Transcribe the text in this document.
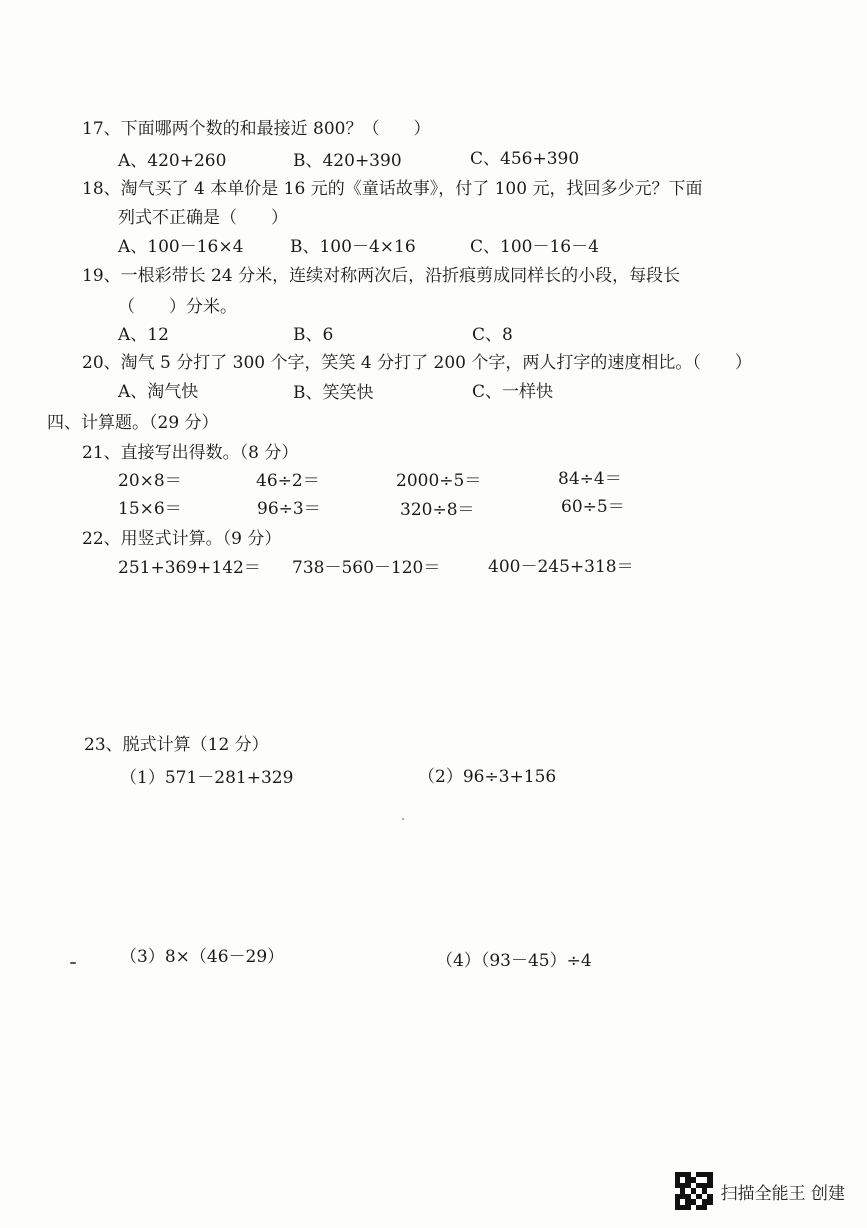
17、下面哪两个数的和最接近 800？（　　）
A、420+260	B、420+390	C、456+390
18、淘气买了 4 本单价是 16 元的《童话故事》，付了 100 元，找回多少元？下面
列式不正确是（　　）
A、100－16×4	B、100－4×16	C、100－16－4
19、一根彩带长 24 分米，连续对称两次后，沿折痕剪成同样长的小段，每段长
（　　）分米。
A、12	B、6	C、8
20、淘气 5 分打了 300 个字，笑笑 4 分打了 200 个字，两人打字的速度相比。（　　）
A、淘气快	B、笑笑快	C、一样快
四、计算题。（29 分）
21、直接写出得数。（8 分）
20×8＝	46÷2＝	2000÷5＝	84÷4＝
15×6＝	96÷3＝	320÷8＝	60÷5＝
22、用竖式计算。（9 分）
251+369+142＝ 738－560－120＝	400－245+318＝
23、脱式计算（12 分）
（1）571－281+329	（2）96÷3+156
（3）8×（46－29）	（4）（93－45）÷4
扫描全能王 创建
